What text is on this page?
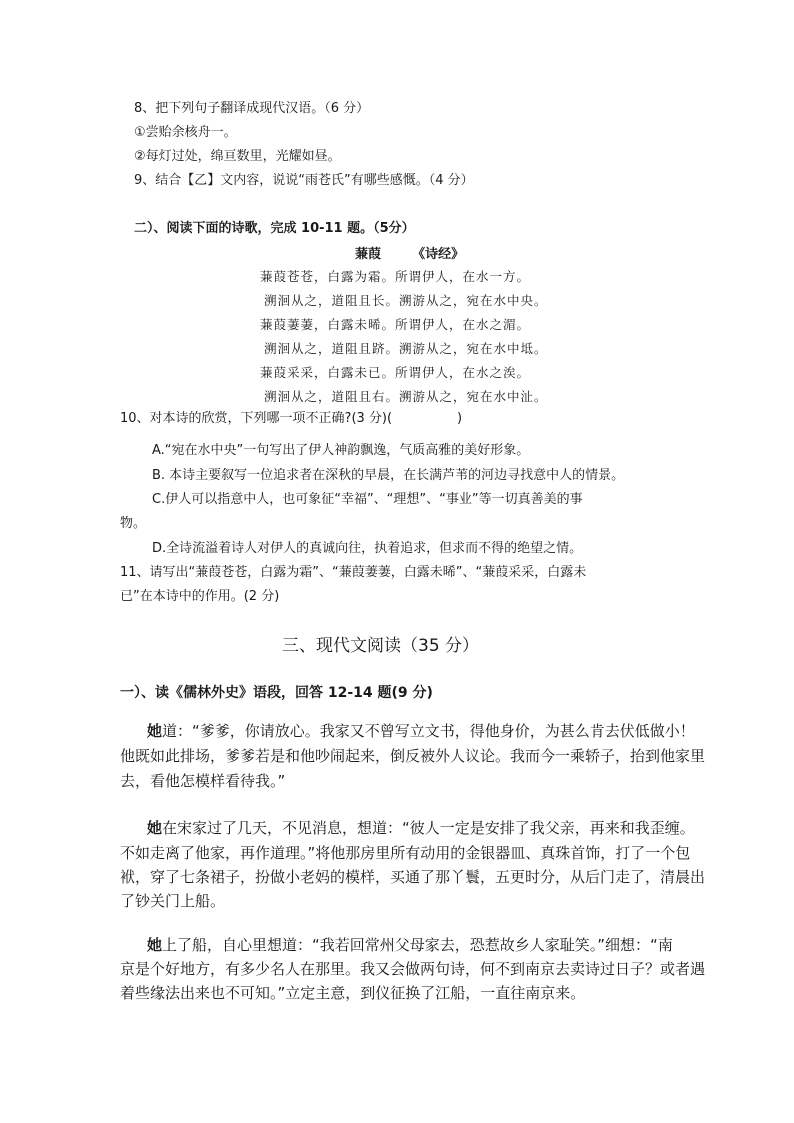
8、把下列句子翻译成现代汉语。（6 分）
①尝贻余核舟一。
②每灯过处，绵亘数里，光耀如昼。
9、结合【乙】文内容，说说“雨苍氏”有哪些感慨。（4 分）
二）、阅读下面的诗歌，完成 10-11 题。（5分）
蒹葭 《诗经》
蒹葭苍苍，白露为霜。所谓伊人，在水一方。
溯洄从之，道阻且长。溯游从之，宛在水中央。
蒹葭萋萋，白露未晞。所谓伊人，在水之湄。
溯洄从之，道阻且跻。溯游从之，宛在水中坻。
蒹葭采采，白露未已。所谓伊人，在水之涘。
溯洄从之，道阻且右。溯游从之，宛在水中沚。
10、对本诗的欣赏，下列哪一项不正确?(3 分)(　　　　　)
A.“宛在水中央”一句写出了伊人神韵飘逸，气质高雅的美好形象。
B. 本诗主要叙写一位追求者在深秋的早晨，在长满芦苇的河边寻找意中人的情景。
C.伊人可以指意中人，也可象征“幸福”、“理想”、“事业”等一切真善美的事
物。
D.全诗流溢着诗人对伊人的真诚向往，执着追求，但求而不得的绝望之情。
11、请写出“蒹葭苍苍，白露为霜”、“蒹葭萋萋，白露未晞”、“蒹葭采采，白露未
已”在本诗中的作用。(2 分)
三、现代文阅读（35 分）
一）、读《儒林外史》语段，回答 12-14 题(9 分)
她道：“爹爹，你请放心。我家又不曾写立文书，得他身价，为甚么肯去伏低做小！
他既如此排场，爹爹若是和他吵闹起来，倒反被外人议论。我而今一乘轿子，抬到他家里
去，看他怎模样看待我。”
她在宋家过了几天，不见消息，想道：“彼人一定是安排了我父亲，再来和我歪缠。
不如走离了他家，再作道理。”将他那房里所有动用的金银器皿、真珠首饰，打了一个包
袱，穿了七条裙子，扮做小老妈的模样，买通了那丫鬟，五更时分，从后门走了，清晨出
了钞关门上船。
她上了船，自心里想道：“我若回常州父母家去，恐惹故乡人家耻笑。”细想：“南
京是个好地方，有多少名人在那里。我又会做两句诗，何不到南京去卖诗过日子？或者遇
着些缘法出来也不可知。”立定主意，到仪征换了江船，一直往南京来。
